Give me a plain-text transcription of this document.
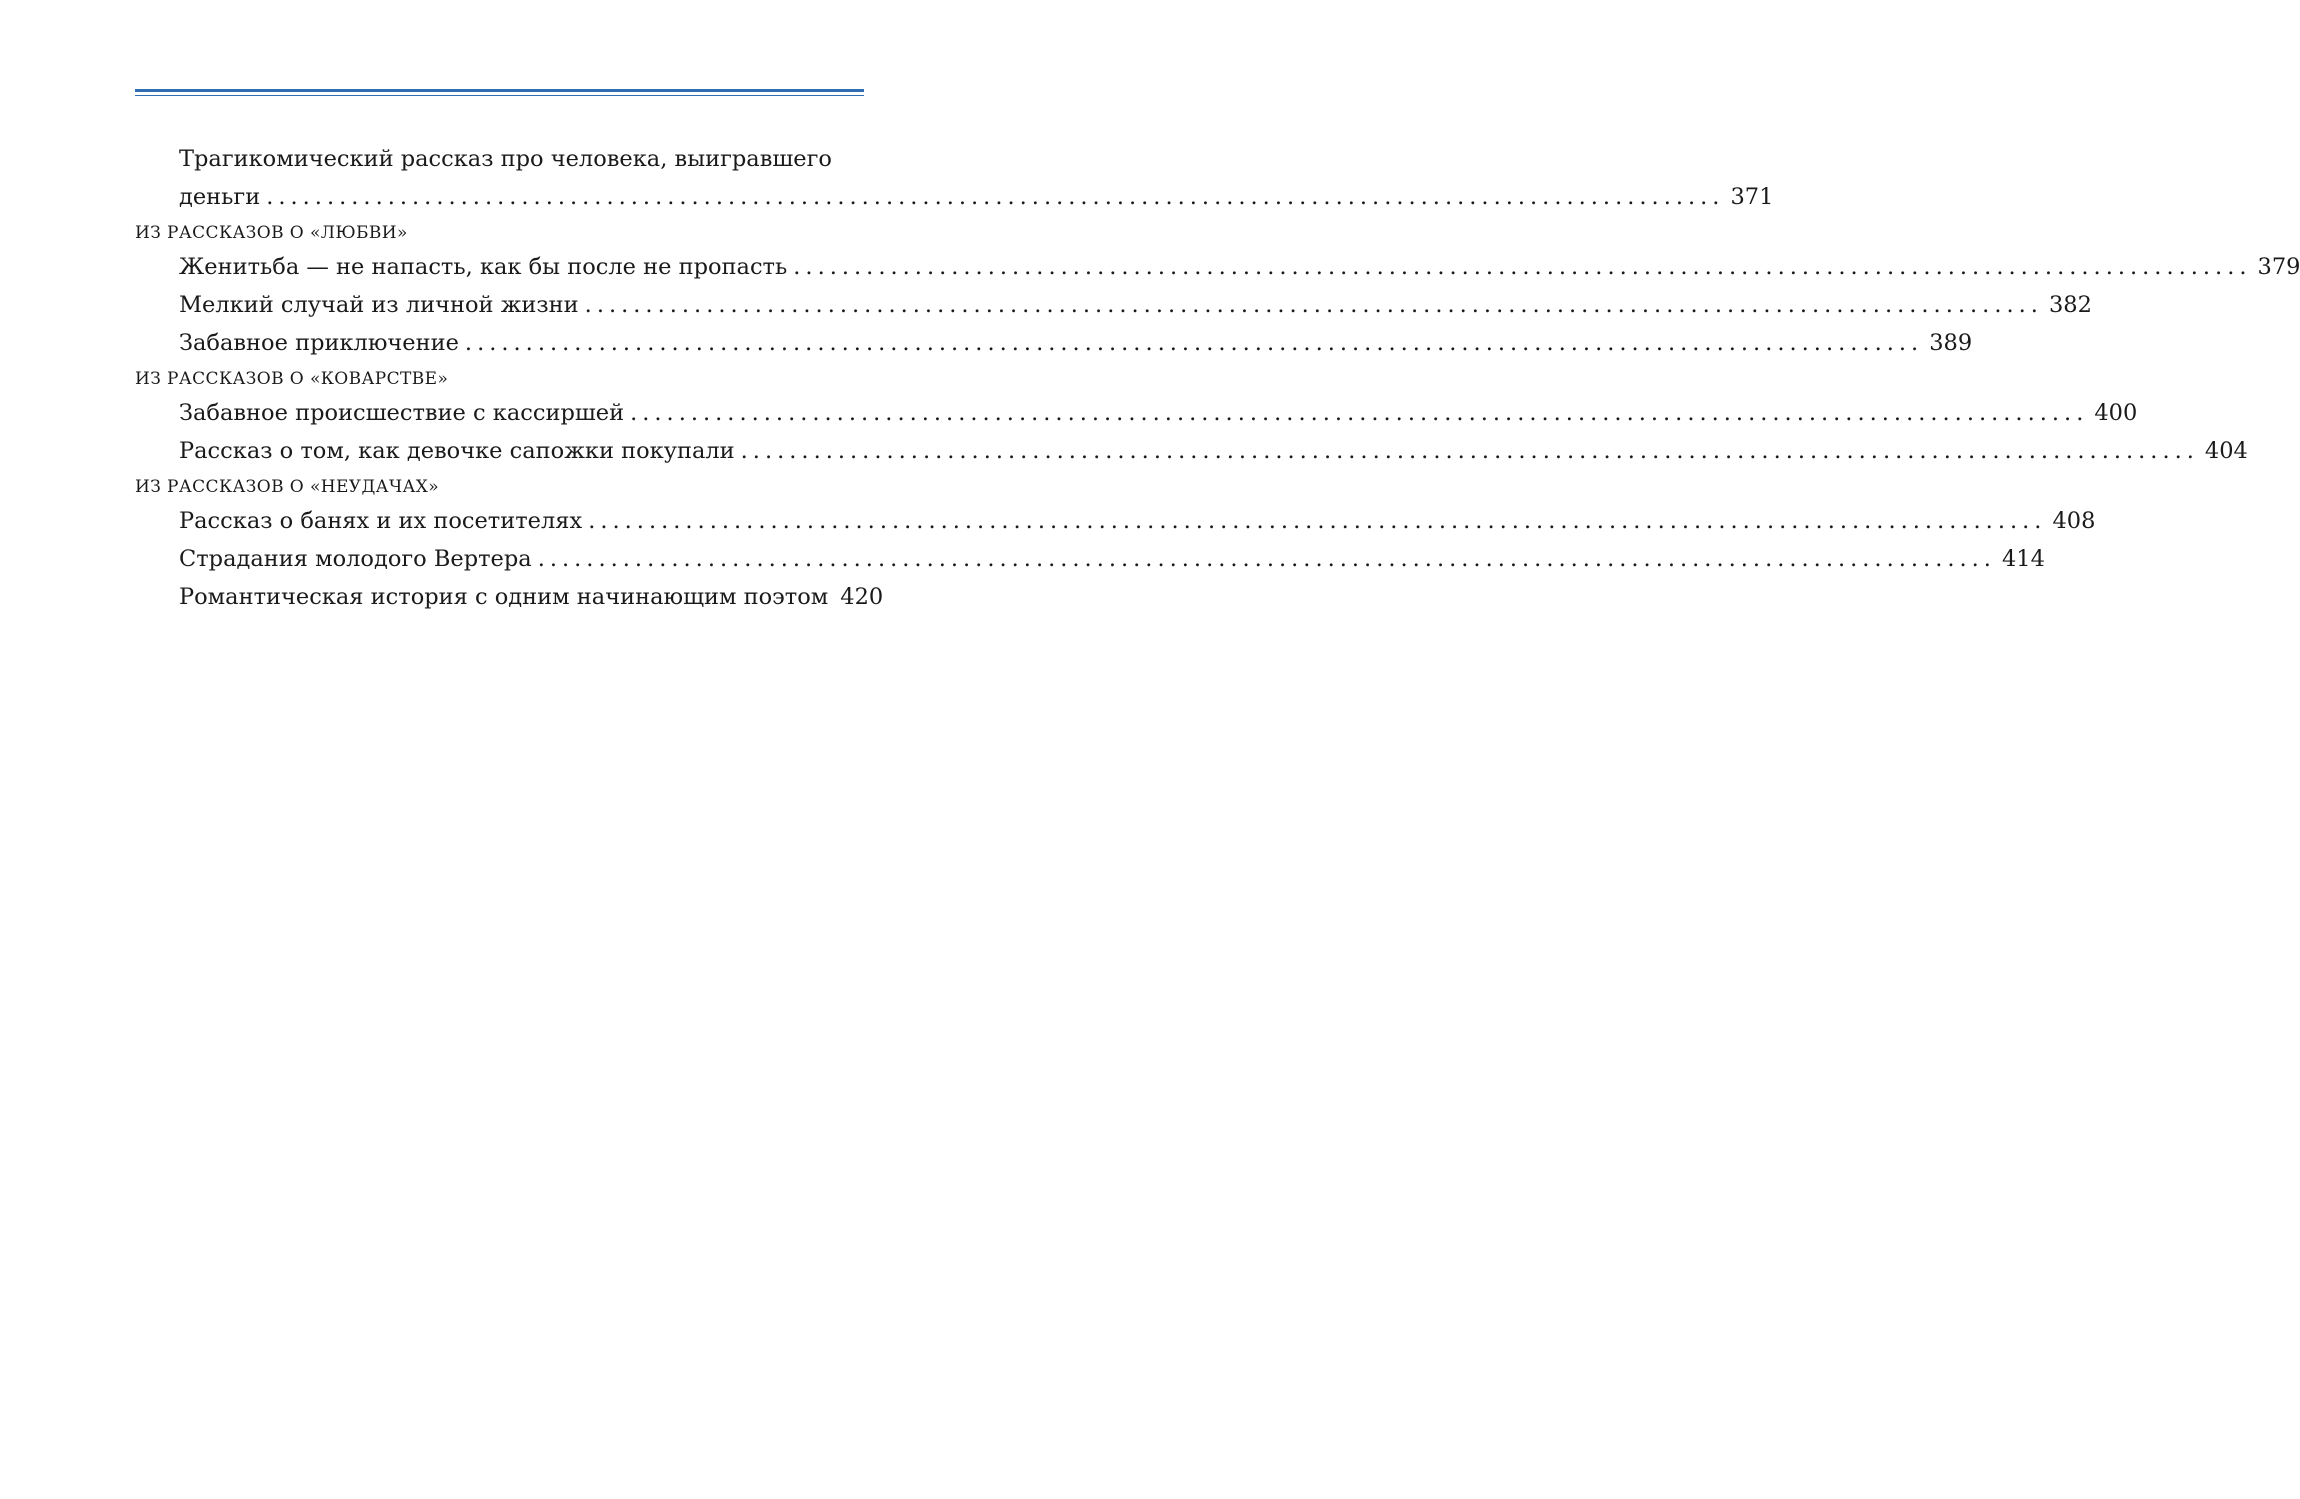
Трагикомический рассказ про человека, выигравшего
деньги ........................................................................................................................ 371
ИЗ РАССКАЗОВ О «ЛЮБВИ»
Женитьба — не напасть, как бы после не пропасть ........................................................................................................................ 379
Мелкий случай из личной жизни ........................................................................................................................ 382
Забавное приключение ........................................................................................................................ 389
ИЗ РАССКАЗОВ О «КОВАРСТВЕ»
Забавное происшествие с кассиршей ........................................................................................................................ 400
Рассказ о том, как девочке сапожки покупали ........................................................................................................................ 404
ИЗ РАССКАЗОВ О «НЕУДАЧАХ»
Рассказ о банях и их посетителях ........................................................................................................................ 408
Страдания молодого Вертера ........................................................................................................................ 414
Романтическая история с одним начинающим поэтом 420
